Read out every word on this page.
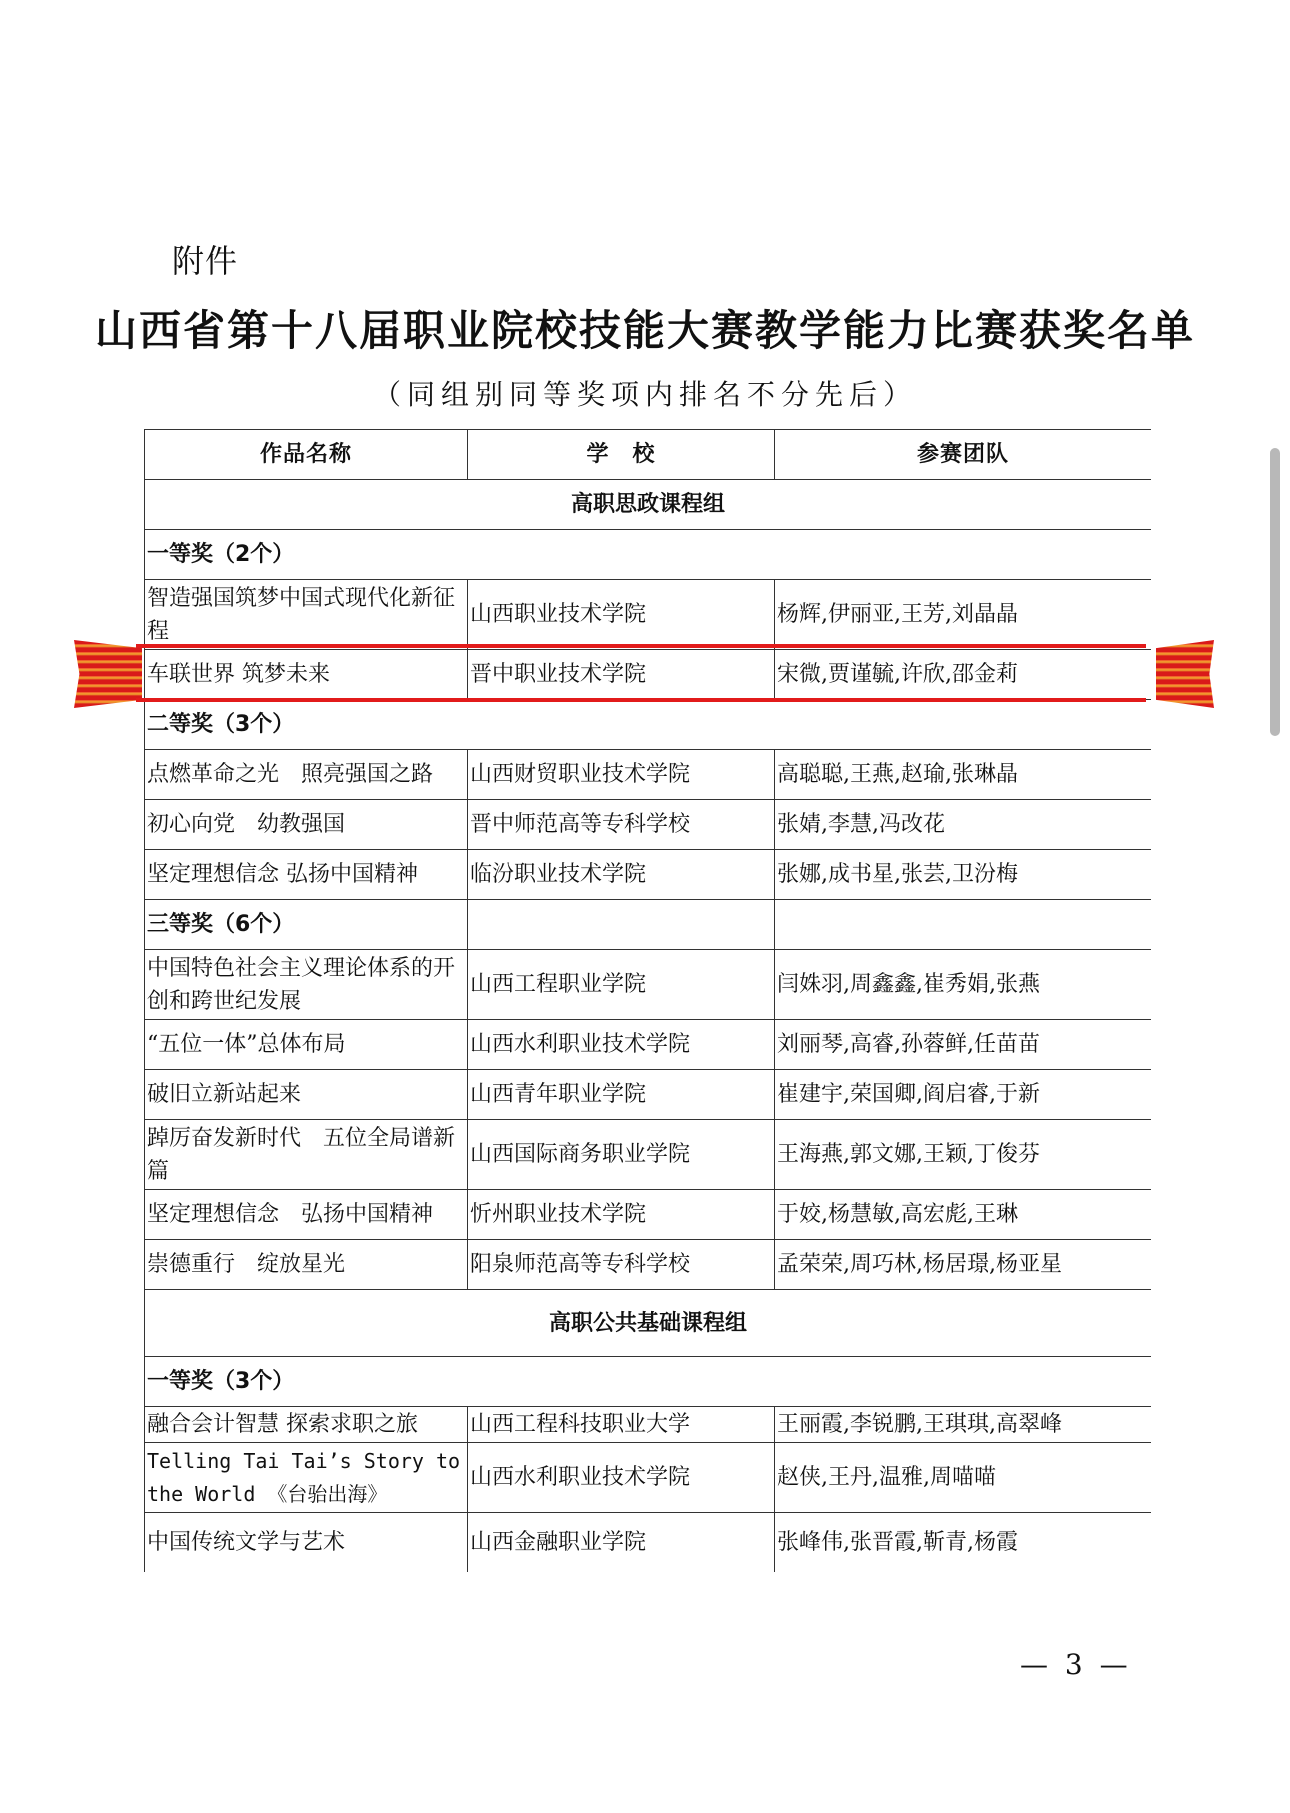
附件
山西省第十八届职业院校技能大赛教学能力比赛获奖名单
（同组别同等奖项内排名不分先后）
作品名称	学　校	参赛团队
高职思政课程组		
一等奖（2个）		
智造强国筑梦中国式现代化新征程	山西职业技术学院	杨辉,伊丽亚,王芳,刘晶晶
车联世界 筑梦未来	晋中职业技术学院	宋微,贾谨毓,许欣,邵金莉
二等奖（3个）		
点燃革命之光　照亮强国之路	山西财贸职业技术学院	高聪聪,王燕,赵瑜,张琳晶
初心向党　幼教强国	晋中师范高等专科学校	张婧,李慧,冯改花
坚定理想信念 弘扬中国精神	临汾职业技术学院	张娜,成书星,张芸,卫汾梅
三等奖（6个）		
中国特色社会主义理论体系的开创和跨世纪发展	山西工程职业学院	闫姝羽,周鑫鑫,崔秀娟,张燕
“五位一体”总体布局	山西水利职业技术学院	刘丽琴,高睿,孙蓉鲜,任苗苗
破旧立新站起来	山西青年职业学院	崔建宇,荣国卿,阎启睿,于新
踔厉奋发新时代　五位全局谱新篇	山西国际商务职业学院	王海燕,郭文娜,王颖,丁俊芬
坚定理想信念　弘扬中国精神	忻州职业技术学院	于姣,杨慧敏,高宏彪,王琳
崇德重行　绽放星光	阳泉师范高等专科学校	孟荣荣,周巧林,杨居璟,杨亚星
高职公共基础课程组		
一等奖（3个）		
融合会计智慧 探索求职之旅	山西工程科技职业大学	王丽霞,李锐鹏,王琪琪,高翠峰
Telling Tai Tai’s Story to the World 《台骀出海》	山西水利职业技术学院	赵侠,王丹,温雅,周喵喵
中国传统文学与艺术	山西金融职业学院	张峰伟,张晋霞,靳青,杨霞
— 3 —
